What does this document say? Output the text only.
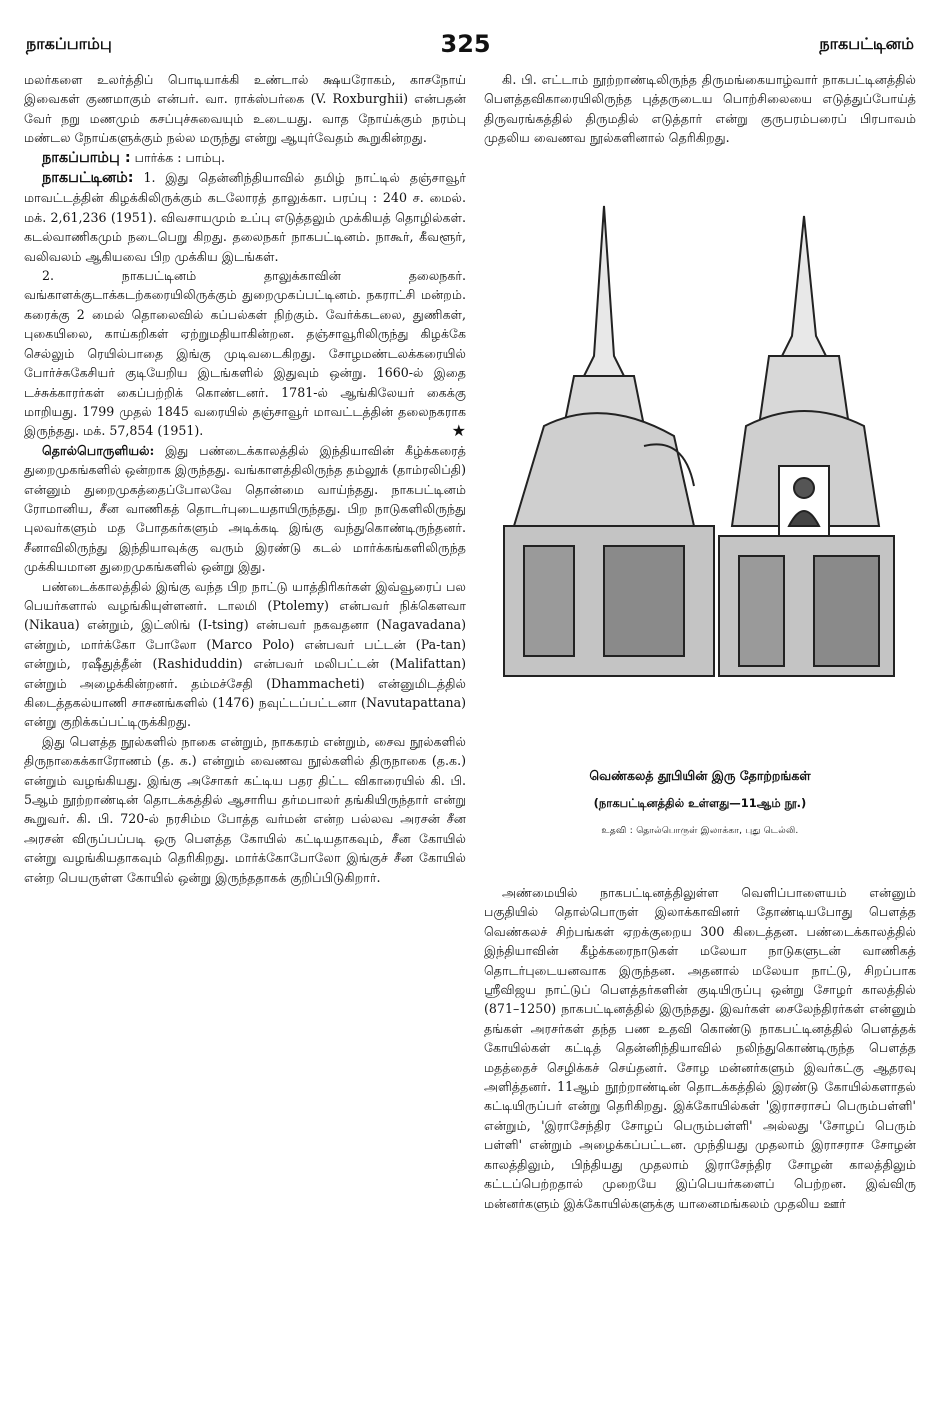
நாகப்பாம்பு	325	நாகபட்டினம்

மலர்களை உலர்த்திப் பொடியாக்கி உண்டால் க்ஷயரோகம், காசநோய் இவைகள் குணமாகும் என்பர். வா. ராக்ஸ்பர்கை (V. Roxburghii) என்பதன் வேர் நறு மணமும் கசப்புச்சுவையும் உடையது. வாத நோய்க்கும் நரம்பு மண்டல நோய்களுக்கும் நல்ல மருந்து என்று ஆயுர்வேதம் கூறுகின்றது.

நாகப்பாம்பு : பார்க்க : பாம்பு.

நாகபட்டினம்: 1. இது தென்னிந்தியாவில் தமிழ் நாட்டில் தஞ்சாவூர் மாவட்டத்தின் கிழக்கிலிருக்கும் கடலோரத் தாலுக்கா. பரப்பு : 240 ச. மைல். மக். 2,61,236 (1951). விவசாயமும் உப்பு எடுத்தலும் முக்கியத் தொழில்கள். கடல்வாணிகமும் நடைபெறு கிறது. தலைநகர் நாகபட்டினம். நாகூர், கீவளூர், வலிவலம் ஆகியவை பிற முக்கிய இடங்கள்.

2. நாகபட்டினம் தாலுக்காவின் தலைநகர். வங்காளக்குடாக்கடற்கரையிலிருக்கும் துறைமுகப்பட்டினம். நகராட்சி மன்றம். கரைக்கு 2 மைல் தொலைவில் கப்பல்கள் நிற்கும். வேர்க்கடலை, துணிகள், புகையிலை, காய்கறிகள் ஏற்றுமதியாகின்றன. தஞ்சாவூரிலிருந்து கிழக்கே செல்லும் ரெயில்பாதை இங்கு முடிவடைகிறது. சோழமண்டலக்கரையில் போர்ச்சுகேசியர் குடியேறிய இடங்களில் இதுவும் ஒன்று. 1660-ல் இதை டச்சுக்காரர்கள் கைப்பற்றிக் கொண்டனர். 1781-ல் ஆங்கிலேயர் கைக்கு மாறியது. 1799 முதல் 1845 வரையில் தஞ்சாவூர் மாவட்டத்தின் தலைநகராக இருந்தது. மக். 57,854 (1951).	★

தொல்பொருளியல்: இது பண்டைக்காலத்தில் இந்தியாவின் கீழ்க்கரைத் துறைமுகங்களில் ஒன்றாக இருந்தது. வங்காளத்திலிருந்த தம்லூக் (தாம்ரலிப்தி) என்னும் துறைமுகத்தைப்போலவே தொன்மை வாய்ந்தது. நாகபட்டினம் ரோமானிய, சீன வாணிகத் தொடர்புடையதாயிருந்தது. பிற நாடுகளிலிருந்து புலவர்களும் மத போதகர்களும் அடிக்கடி இங்கு வந்துகொண்டிருந்தனர். சீனாவிலிருந்து இந்தியாவுக்கு வரும் இரண்டு கடல் மார்க்கங்களிலிருந்த முக்கியமான துறைமுகங்களில் ஒன்று இது.

பண்டைக்காலத்தில் இங்கு வந்த பிற நாட்டு யாத்திரிகர்கள் இவ்வூரைப் பல பெயர்களால் வழங்கியுள்ளனர். டாலமி (Ptolemy) என்பவர் நிக்கௌவா (Nikaua) என்றும், இட்ஸிங் (I-tsing) என்பவர் நகவதனா (Nagavadana) என்றும், மார்க்கோ போலோ (Marco Polo) என்பவர் பட்டன் (Pa-tan) என்றும், ரஷீதுத்தீன் (Rashiduddin) என்பவர் மலிபட்டன் (Malifattan) என்றும் அழைக்கின்றனர். தம்மச்சேதி (Dhammacheti) என்னுமிடத்தில் கிடைத்தகல்யாணி சாசனங்களில் (1476) நவுட்டப்பட்டனா (Navutapattana) என்று குறிக்கப்பட்டிருக்கிறது.

இது பௌத்த நூல்களில் நாகை என்றும், நாககரம் என்றும், சைவ நூல்களில் திருநாகைக்காரோணம் (த. க.) என்றும் வைணவ நூல்களில் திருநாகை (த.க.) என்றும் வழங்கியது. இங்கு அசோகர் கட்டிய பதர திட்ட விகாரையில் கி. பி. 5ஆம் நூற்றாண்டின் தொடக்கத்தில் ஆசாரிய தர்மபாலர் தங்கியிருந்தார் என்று கூறுவர். கி. பி. 720-ல் நரசிம்ம போத்த வர்மன் என்ற பல்லவ அரசன் சீன அரசன் விருப்பப்படி ஒரு பௌத்த கோயில் கட்டியதாகவும், சீன கோயில் என்று வழங்கியதாகவும் தெரிகிறது. மார்க்கோபோலோ இங்குச் சீன கோயில் என்ற பெயருள்ள கோயில் ஒன்று இருந்ததாகக் குறிப்பிடுகிறார்.

கி. பி. எட்டாம் நூற்றாண்டிலிருந்த திருமங்கையாழ்வார் நாகபட்டினத்தில் பௌத்தவிகாரையிலிருந்த புத்தருடைய பொற்சிலையை எடுத்துப்போய்த் திருவரங்கத்தில் திருமதில் எடுத்தார் என்று குருபரம்பரைப் பிரபாவம் முதலிய வைணவ நூல்களினால் தெரிகிறது.

வெண்கலத் தூபியின் இரு தோற்றங்கள்
(நாகபட்டினத்தில் உள்ளது—11ஆம் நூ.)
உதவி : தொல்பொருள் இலாக்கா, புது டெல்லி.

அண்மையில் நாகபட்டினத்திலுள்ள வெளிப்பாளையம் என்னும் பகுதியில் தொல்பொருள் இலாக்காவினர் தோண்டியபோது பௌத்த வெண்கலச் சிற்பங்கள் ஏறக்குறைய 300 கிடைத்தன. பண்டைக்காலத்தில் இந்தியாவின் கீழ்க்கரைநாடுகள் மலேயா நாடுகளுடன் வாணிகத் தொடர்புடையனவாக இருந்தன. அதனால் மலேயா நாட்டு, சிறப்பாக ஸ்ரீவிஜய நாட்டுப் பௌத்தர்களின் குடியிருப்பு ஒன்று சோழர் காலத்தில் (871–1250) நாகபட்டினத்தில் இருந்தது. இவர்கள் சைலேந்திரர்கள் என்னும் தங்கள் அரசர்கள் தந்த பண உதவி கொண்டு நாகபட்டினத்தில் பௌத்தக் கோயில்கள் கட்டித் தென்னிந்தியாவில் நலிந்துகொண்டிருந்த பௌத்த மதத்தைச் செழிக்கச் செய்தனர். சோழ மன்னர்களும் இவர்கட்கு ஆதரவு அளித்தனர். 11ஆம் நூற்றாண்டின் தொடக்கத்தில் இரண்டு கோயில்களாதல் கட்டியிருப்பர் என்று தெரிகிறது. இக்கோயில்கள் 'இராசராசப் பெரும்பள்ளி' என்றும், 'இராசேந்திர சோழப் பெரும்பள்ளி' அல்லது 'சோழப் பெரும் பள்ளி' என்றும் அழைக்கப்பட்டன. முந்தியது முதலாம் இராசராச சோழன் காலத்திலும், பிந்தியது முதலாம் இராசேந்திர சோழன் காலத்திலும் கட்டப்பெற்றதால் முறையே இப்பெயர்களைப் பெற்றன. இவ்விரு மன்னர்களும் இக்கோயில்களுக்கு யானைமங்கலம் முதலிய ஊர்
